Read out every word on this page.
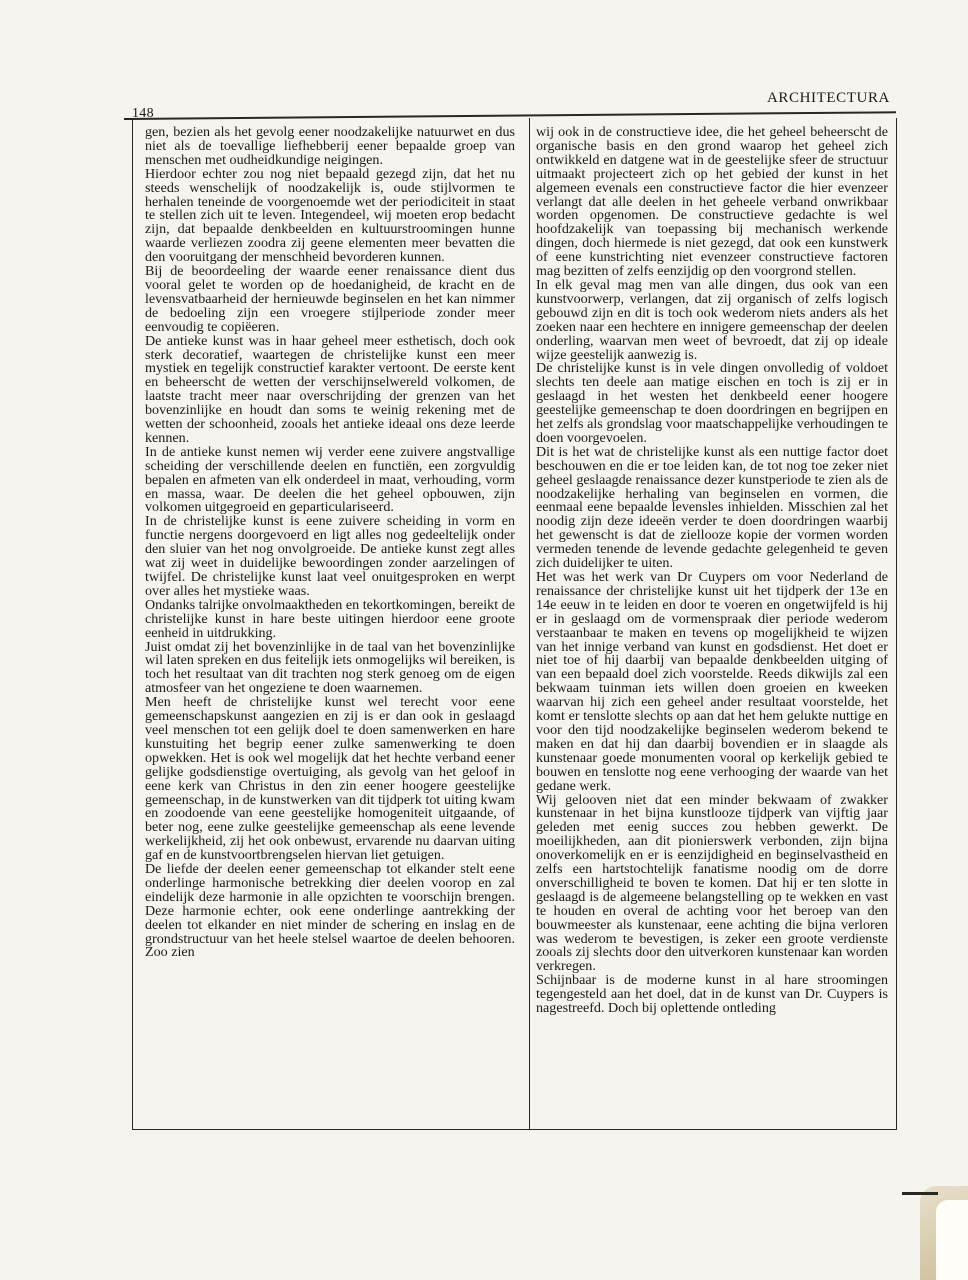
148
ARCHITECTURA

gen, bezien als het gevolg eener noodzakelijke natuurwet en dus niet als de toevallige liefhebberij eener bepaalde groep van menschen met oudheidkundige neigingen.

Hierdoor echter zou nog niet bepaald gezegd zijn, dat het nu steeds wenschelijk of noodzakelijk is, oude stijlvormen te herhalen teneinde de voorgenoemde wet der periodiciteit in staat te stellen zich uit te leven. Integendeel, wij moeten erop bedacht zijn, dat bepaalde denkbeelden en kultuurstroomingen hunne waarde verliezen zoodra zij geene elementen meer bevatten die den vooruitgang der menschheid bevorderen kunnen.

Bij de beoordeeling der waarde eener renaissance dient dus vooral gelet te worden op de hoedanigheid, de kracht en de levensvatbaarheid der hernieuwde beginselen en het kan nimmer de bedoeling zijn een vroegere stijlperiode zonder meer eenvoudig te copiëeren.

De antieke kunst was in haar geheel meer esthetisch, doch ook sterk decoratief, waartegen de christelijke kunst een meer mystiek en tegelijk constructief karakter vertoont. De eerste kent en beheerscht de wetten der verschijnselwereld volkomen, de laatste tracht meer naar overschrijding der grenzen van het bovenzinlijke en houdt dan soms te weinig rekening met de wetten der schoonheid, zooals het antieke ideaal ons deze leerde kennen.

In de antieke kunst nemen wij verder eene zuivere angstvallige scheiding der verschillende deelen en functiën, een zorgvuldig bepalen en afmeten van elk onderdeel in maat, verhouding, vorm en massa, waar. De deelen die het geheel opbouwen, zijn volkomen uitgegroeid en geparticulariseerd.

In de christelijke kunst is eene zuivere scheiding in vorm en functie nergens doorgevoerd en ligt alles nog gedeeltelijk onder den sluier van het nog onvolgroeide. De antieke kunst zegt alles wat zij weet in duidelijke bewoordingen zonder aarzelingen of twijfel. De christelijke kunst laat veel onuitgesproken en werpt over alles het mystieke waas.

Ondanks talrijke onvolmaaktheden en tekortkomingen, bereikt de christelijke kunst in hare beste uitingen hierdoor eene groote eenheid in uitdrukking.

Juist omdat zij het bovenzinlijke in de taal van het bovenzinlijke wil laten spreken en dus feitelijk iets onmogelijks wil bereiken, is toch het resultaat van dit trachten nog sterk genoeg om de eigen atmosfeer van het ongeziene te doen waarnemen.

Men heeft de christelijke kunst wel terecht voor eene gemeenschapskunst aangezien en zij is er dan ook in geslaagd veel menschen tot een gelijk doel te doen samenwerken en hare kunstuiting het begrip eener zulke samenwerking te doen opwekken. Het is ook wel mogelijk dat het hechte verband eener gelijke godsdienstige overtuiging, als gevolg van het geloof in eene kerk van Christus in den zin eener hoogere geestelijke gemeenschap, in de kunstwerken van dit tijdperk tot uiting kwam en zoodoende van eene geestelijke homogeniteit uitgaande, of beter nog, eene zulke geestelijke gemeenschap als eene levende werkelijkheid, zij het ook onbewust, ervarende nu daarvan uiting gaf en de kunstvoortbrengselen hiervan liet getuigen.

De liefde der deelen eener gemeenschap tot elkander stelt eene onderlinge harmonische betrekking dier deelen voorop en zal eindelijk deze harmonie in alle opzichten te voorschijn brengen. Deze harmonie echter, ook eene onderlinge aantrekking der deelen tot elkander en niet minder de schering en inslag en de grondstructuur van het heele stelsel waartoe de deelen behooren. Zoo zien

wij ook in de constructieve idee, die het geheel beheerscht de organische basis en den grond waarop het geheel zich ontwikkeld en datgene wat in de geestelijke sfeer de structuur uitmaakt projecteert zich op het gebied der kunst in het algemeen evenals een constructieve factor die hier evenzeer verlangt dat alle deelen in het geheele verband onwrikbaar worden opgenomen. De constructieve gedachte is wel hoofdzakelijk van toepassing bij mechanisch werkende dingen, doch hiermede is niet gezegd, dat ook een kunstwerk of eene kunstrichting niet evenzeer constructieve factoren mag bezitten of zelfs eenzijdig op den voorgrond stellen.

In elk geval mag men van alle dingen, dus ook van een kunstvoorwerp, verlangen, dat zij organisch of zelfs logisch gebouwd zijn en dit is toch ook wederom niets anders als het zoeken naar een hechtere en innigere gemeenschap der deelen onderling, waarvan men weet of bevroedt, dat zij op ideale wijze geestelijk aanwezig is.

De christelijke kunst is in vele dingen onvolledig of voldoet slechts ten deele aan matige eischen en toch is zij er in geslaagd in het westen het denkbeeld eener hoogere geestelijke gemeenschap te doen doordringen en begrijpen en het zelfs als grondslag voor maatschappelijke verhoudingen te doen voorgevoelen.

Dit is het wat de christelijke kunst als een nuttige factor doet beschouwen en die er toe leiden kan, de tot nog toe zeker niet geheel geslaagde renaissance dezer kunstperiode te zien als de noodzakelijke herhaling van beginselen en vormen, die eenmaal eene bepaalde levensles inhielden. Misschien zal het noodig zijn deze ideeën verder te doen doordringen waarbij het gewenscht is dat de ziellooze kopie der vormen worden vermeden tenende de levende gedachte gelegenheid te geven zich duidelijker te uiten.

Het was het werk van Dr Cuypers om voor Nederland de renaissance der christelijke kunst uit het tijdperk der 13e en 14e eeuw in te leiden en door te voeren en ongetwijfeld is hij er in geslaagd om de vormenspraak dier periode wederom verstaanbaar te maken en tevens op mogelijkheid te wijzen van het innige verband van kunst en godsdienst. Het doet er niet toe of hij daarbij van bepaalde denkbeelden uitging of van een bepaald doel zich voorstelde. Reeds dikwijls zal een bekwaam tuinman iets willen doen groeien en kweeken waarvan hij zich een geheel ander resultaat voorstelde, het komt er tenslotte slechts op aan dat het hem gelukte nuttige en voor den tijd noodzakelijke beginselen wederom bekend te maken en dat hij dan daarbij bovendien er in slaagde als kunstenaar goede monumenten vooral op kerkelijk gebied te bouwen en tenslotte nog eene verhooging der waarde van het gedane werk.

Wij gelooven niet dat een minder bekwaam of zwakker kunstenaar in het bijna kunstlooze tijdperk van vijftig jaar geleden met eenig succes zou hebben gewerkt. De moeilijkheden, aan dit pionierswerk verbonden, zijn bijna onoverkomelijk en er is eenzijdigheid en beginselvastheid en zelfs een hartstochtelijk fanatisme noodig om de dorre onverschilligheid te boven te komen. Dat hij er ten slotte in geslaagd is de algemeene belangstelling op te wekken en vast te houden en overal de achting voor het beroep van den bouwmeester als kunstenaar, eene achting die bijna verloren was wederom te bevestigen, is zeker een groote verdienste zooals zij slechts door den uitverkoren kunstenaar kan worden verkregen.

Schijnbaar is de moderne kunst in al hare stroomingen tegengesteld aan het doel, dat in de kunst van Dr. Cuypers is nagestreefd. Doch bij oplettende ontleding
